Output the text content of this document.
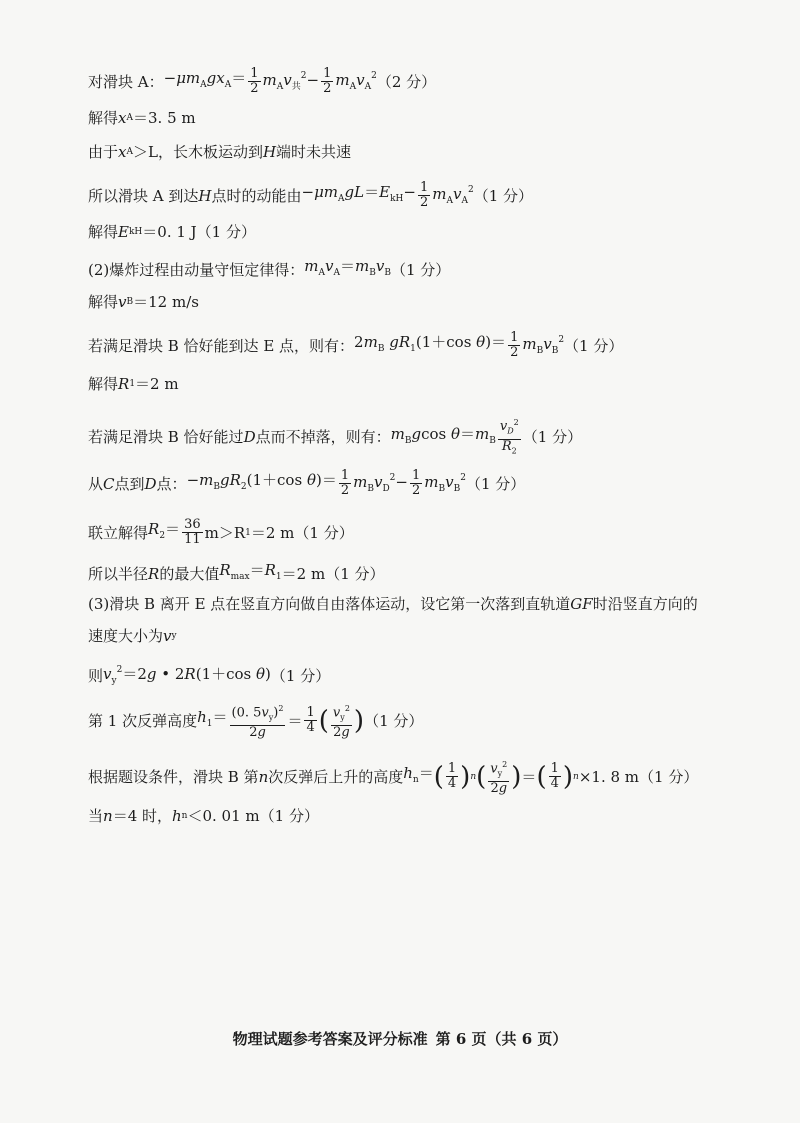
对滑块 A： $-\mu m_Agx_A= \frac{1}{2} m_Av_共^2- \frac{1}{2} m_Av_A^2$ （2 分）
解得 x A ＝3. 5 m
由于 x A ＞L，长木板运动到 H 端时未共速
所以滑块 A 到达 H 点时的动能由 $-\mu m_AgL=E_{kH}- \frac{1}{2} m_Av_A^2$ （1 分）
解得 E kH ＝0. 1 J（1 分）
(2)爆炸过程由动量守恒定律得： $m_Av_A=m_Bv_B$ （1 分）
解得 v B ＝12 m/s
若满足滑块 B 恰好能到达 E 点，则有： $2m_B$ $gR_1(1+\cos$ $\theta)= \frac{1}{2} m_Bv_B^2$ （1 分）
解得 R 1 ＝2 m
若满足滑块 B 恰好能过 D 点而不掉落，则有： $m_Bgcos$ $\theta=m_B \frac{v_D^2}{R_2} (1$ 分）
从 C 点到 D 点： $-m_BgR_2(1+\cos$ $\theta)= \frac{1}{2} m_Bv_D^2- \frac{1}{2} m_Bv_B^2$ （1 分）
联立解得 $R_2= \frac{36}{11} m>R$ 1 ＝2 m（1 分）
所以半径 R 的最大值 $R_{max}=R_1 =2$ m（1 分）
(3)滑块 B 离开 E 点在竖直方向做自由落体运动，设它第一次落到直轨道 GF 时沿竖直方向的
速度大小为 v y
则 $v_y^2=2g$ • 2R(1＋cos θ) （1 分）
第 1 次反弹高度 $h_1= \frac{(0. 5v_y)^2}{2g} = \frac{1}{4}$ ( $\frac{v_y^2}{2g}$ ) （1 分）
根据题设条件，滑块 B 第 n 次反弹后上升的高度 $h_n=$ ( $\frac{1}{4}$ ) n ( $\frac{v_y^2}{2g}$ ) ＝ ( $\frac{1}{4}$ ) n ×1. 8 m（1 分）
当 n ＝4 时， h n ＜0. 01 m（1 分）
物理试题参考答案及评分标准 第 6 页（共 6 页）
